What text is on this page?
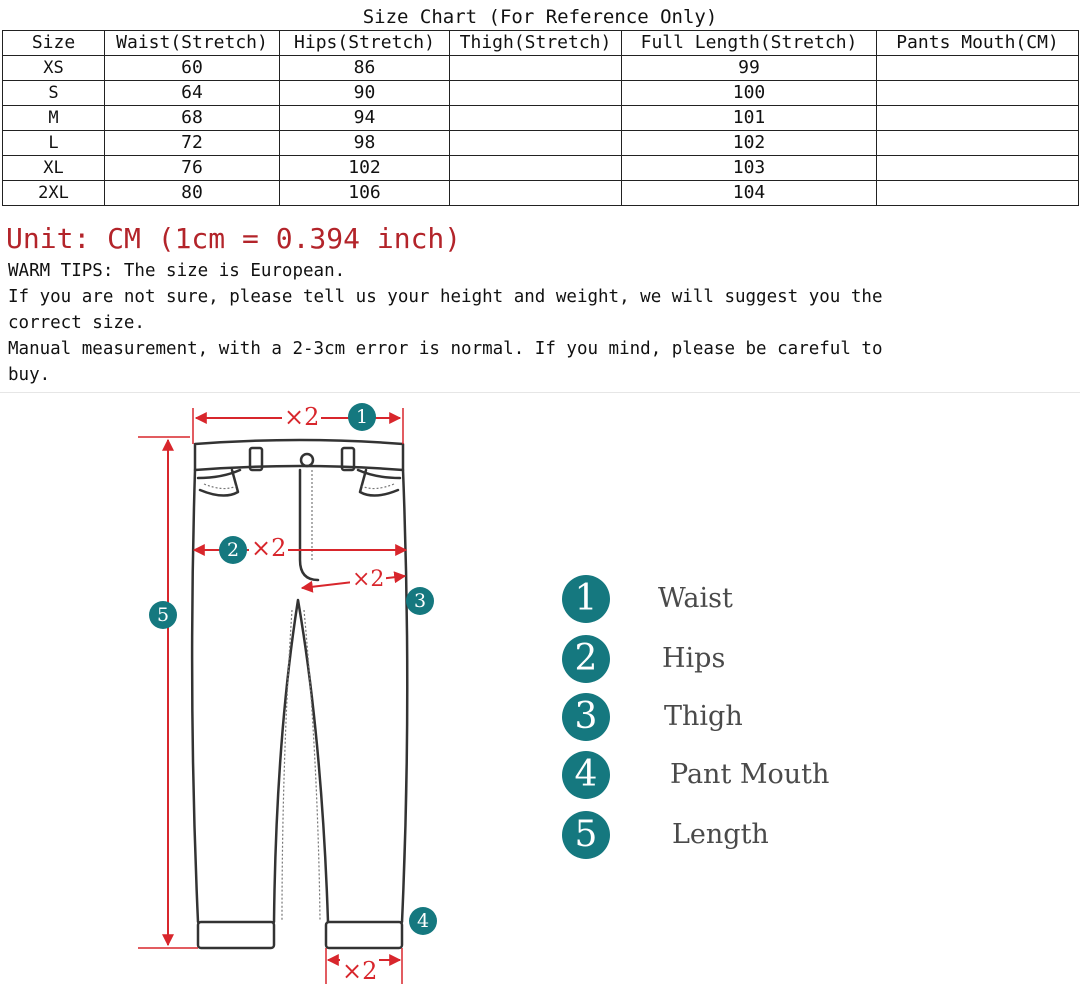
Size Chart (For Reference Only)
Size	Waist(Stretch)	Hips(Stretch)	Thigh(Stretch)	Full Length(Stretch)	Pants Mouth(CM)
XS	60	86		99	
S	64	90		100	
M	68	94		101	
L	72	98		102	
XL	76	102		103	
2XL	80	106		104	
Unit: CM (1cm = 0.394 inch)
WARM TIPS: The size is European.
If you are not sure, please tell us your height and weight, we will suggest you the
correct size.
Manual measurement, with a 2-3cm error is normal. If you mind, please be careful to
buy.
×2	1
2 ×2
×2
3
5
4
×2
1	Waist
2	Hips
3	Thigh
4	Pant Mouth
5	Length
